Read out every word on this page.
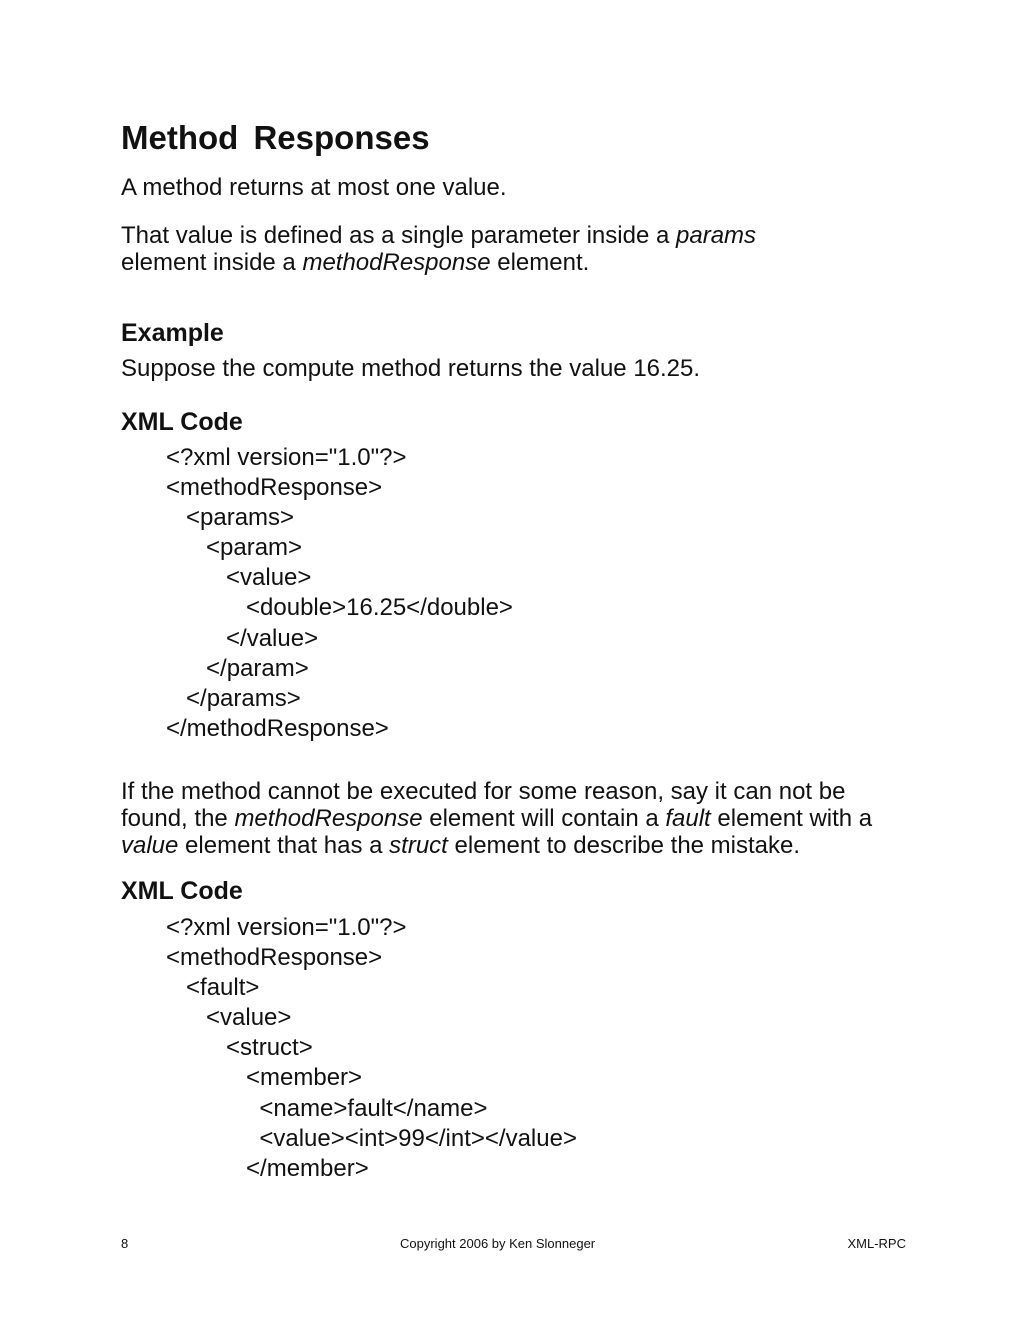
Method Responses

A method returns at most one value.

That value is defined as a single parameter inside a params
element inside a methodResponse element.

Example

Suppose the compute method returns the value 16.25.

XML Code
<?xml version="1.0"?>
<methodResponse>
<params>
<param>
<value>
<double>16.25</double>
</value>
</param>
</params>
</methodResponse>

If the method cannot be executed for some reason, say it can not be found, the methodResponse element will contain a fault element with a value element that has a struct element to describe the mistake.

XML Code
<?xml version="1.0"?>
<methodResponse>
<fault>
<value>
<struct>
<member>
<name>fault</name>
<value><int>99</int></value>
</member>
8	Copyright 2006 by Ken Slonneger	XML-RPC
